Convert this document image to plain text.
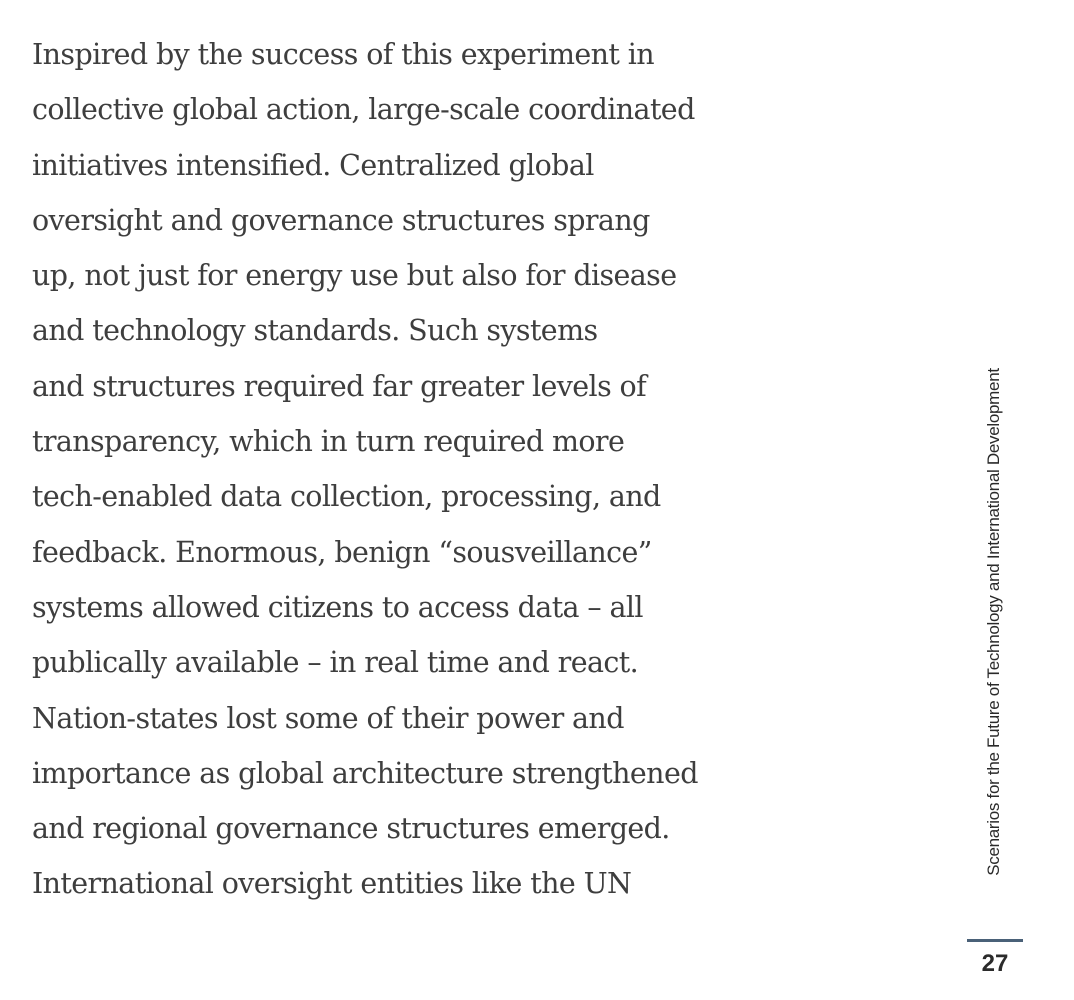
Inspired by the success of this experiment in
collective global action, large-scale coordinated
initiatives intensified. Centralized global
oversight and governance structures sprang
up, not just for energy use but also for disease
and technology standards. Such systems
and structures required far greater levels of
transparency, which in turn required more
tech-enabled data collection, processing, and
feedback. Enormous, benign “sousveillance”
systems allowed citizens to access data – all
publically available – in real time and react.
Nation-states lost some of their power and
importance as global architecture strengthened
and regional governance structures emerged.
International oversight entities like the UN

Scenarios for the Future of Technology and International Development
27
